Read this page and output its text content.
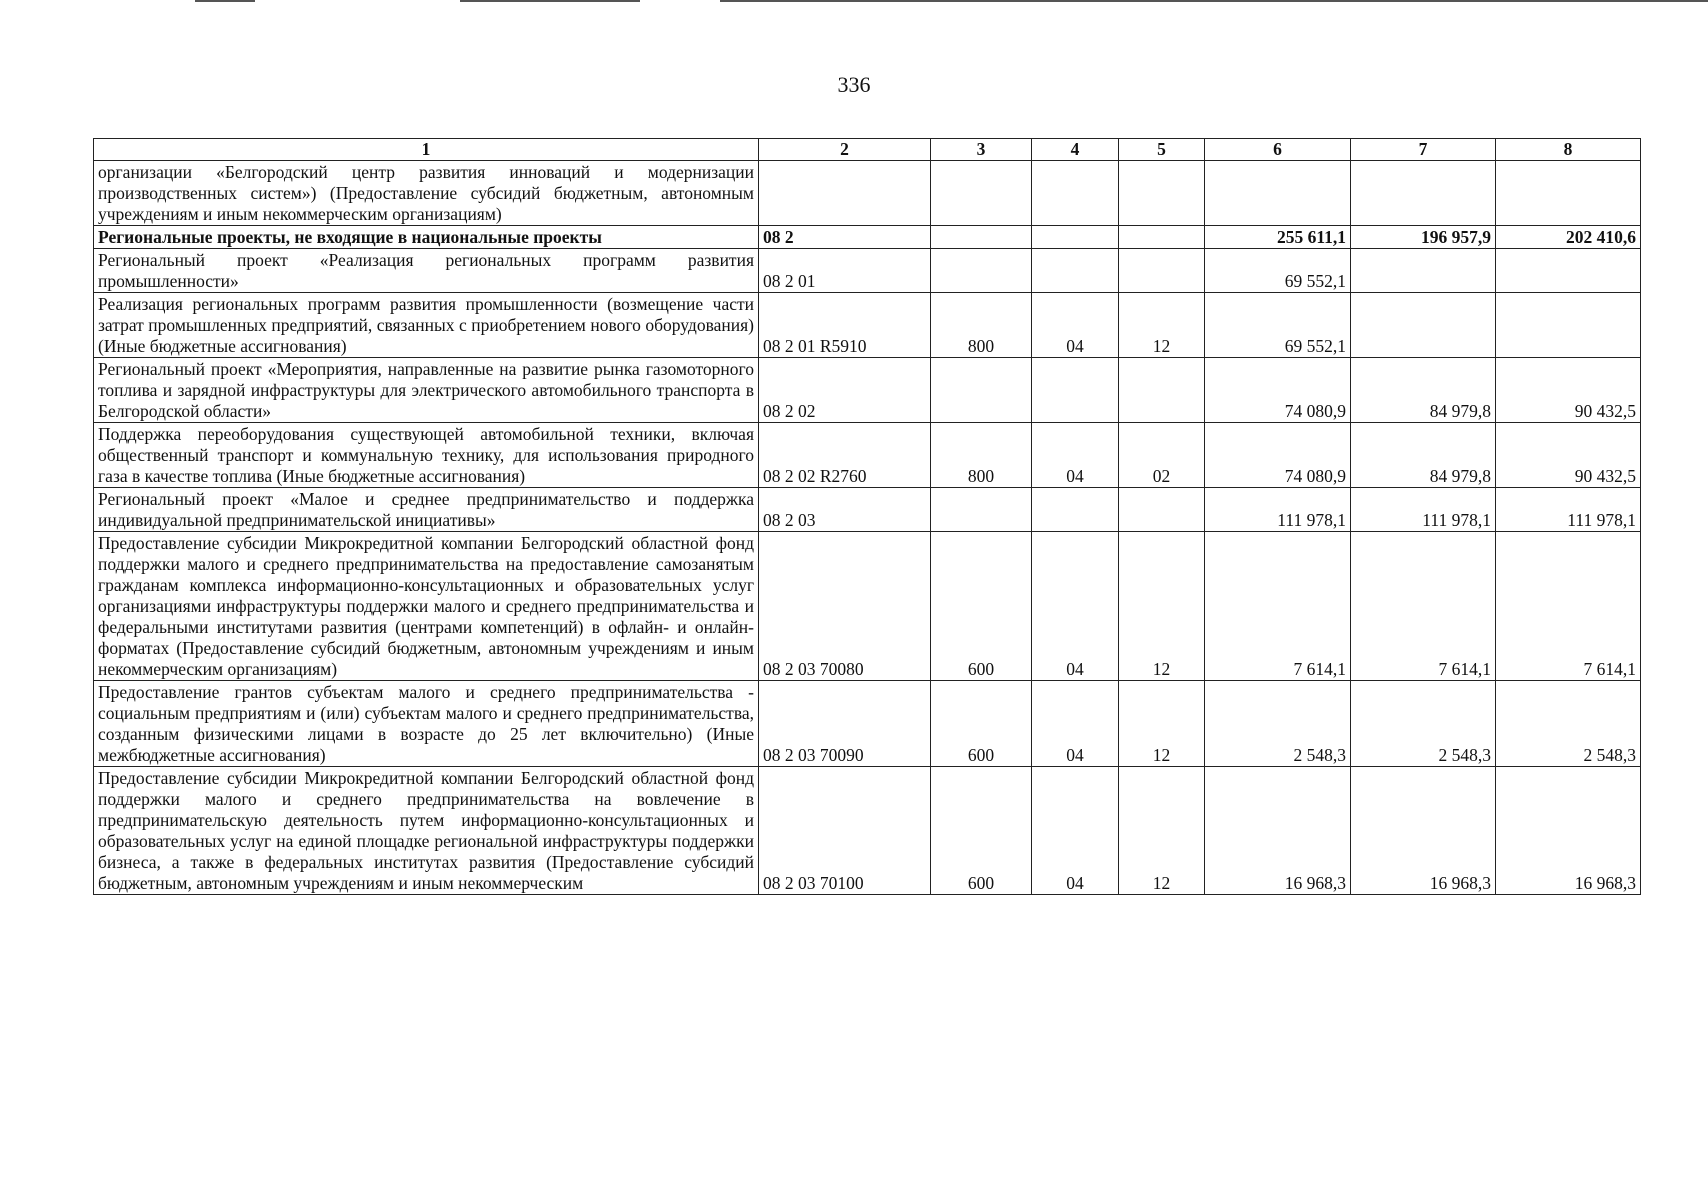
336
1	2	3	4	5	6	7	8
организации «Белгородский центр развития инноваций и модернизации производственных систем») (Предоставление субсидий бюджетным, автономным учреждениям и иным некоммерческим организациям)							
Региональные проекты, не входящие в национальные проекты	08 2				255 611,1	196 957,9	202 410,6
Региональный проект «Реализация региональных программ развития промышленности»	08 2 01				69 552,1		
Реализация региональных программ развития промышленности (возмещение части затрат промышленных предприятий, связанных с приобретением нового оборудования) (Иные бюджетные ассигнования)	08 2 01 R5910	800	04	12	69 552,1		
Региональный проект «Мероприятия, направленные на развитие рынка газомоторного топлива и зарядной инфраструктуры для электрического автомобильного транспорта в Белгородской области»	08 2 02				74 080,9	84 979,8	90 432,5
Поддержка переоборудования существующей автомобильной техники, включая общественный транспорт и коммунальную технику, для использования природного газа в качестве топлива (Иные бюджетные ассигнования)	08 2 02 R2760	800	04	02	74 080,9	84 979,8	90 432,5
Региональный проект «Малое и среднее предпринимательство и поддержка индивидуальной предпринимательской инициативы»	08 2 03				111 978,1	111 978,1	111 978,1
Предоставление субсидии Микрокредитной компании Белгородский областной фонд поддержки малого и среднего предпринимательства на предоставление самозанятым гражданам комплекса информационно-консультационных и образовательных услуг организациями инфраструктуры поддержки малого и среднего предпринимательства и федеральными институтами развития (центрами компетенций) в офлайн- и онлайн-форматах (Предоставление субсидий бюджетным, автономным учреждениям и иным некоммерческим организациям)	08 2 03 70080	600	04	12	7 614,1	7 614,1	7 614,1
Предоставление грантов субъектам малого и среднего предпринимательства - социальным предприятиям и (или) субъектам малого и среднего предпринимательства, созданным физическими лицами в возрасте до 25 лет включительно) (Иные межбюджетные ассигнования)	08 2 03 70090	600	04	12	2 548,3	2 548,3	2 548,3
Предоставление субсидии Микрокредитной компании Белгородский областной фонд поддержки малого и среднего предпринимательства на вовлечение в предпринимательскую деятельность путем информационно-консультационных и образовательных услуг на единой площадке региональной инфраструктуры поддержки бизнеса, а также в федеральных институтах развития (Предоставление субсидий бюджетным, автономным учреждениям и иным некоммерческим	08 2 03 70100	600	04	12	16 968,3	16 968,3	16 968,3
